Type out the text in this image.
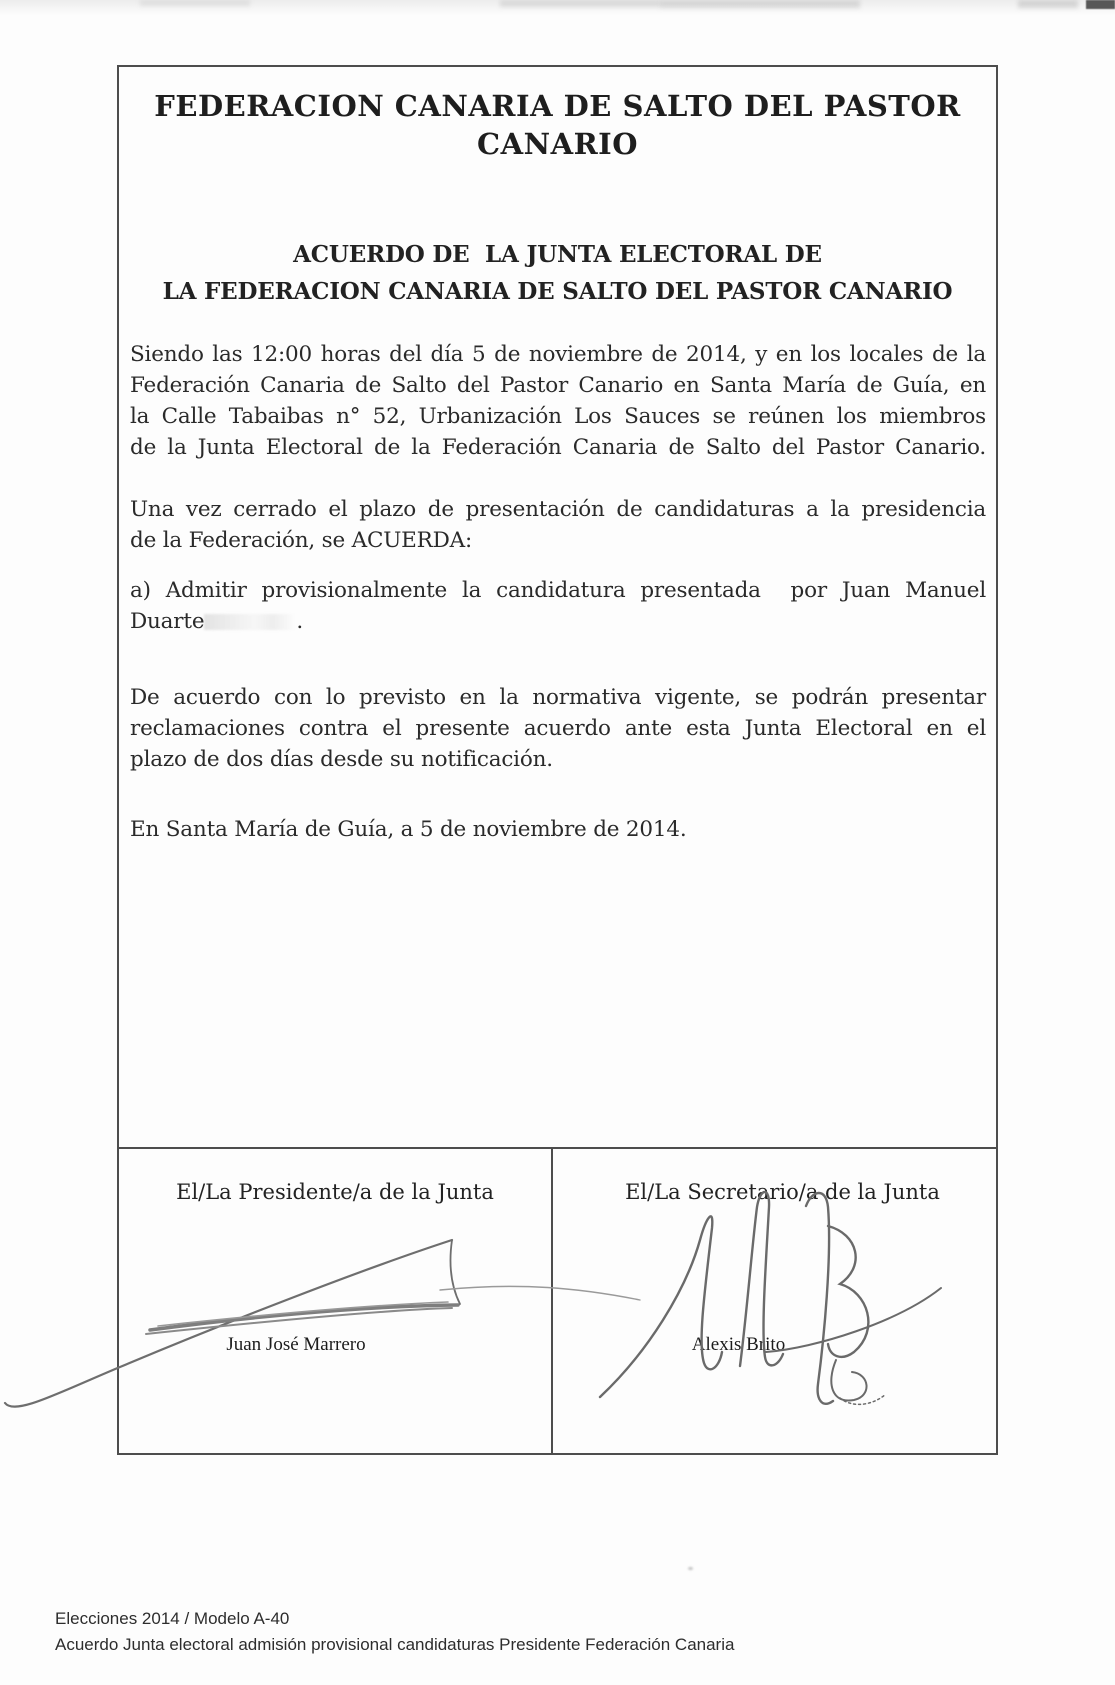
FEDERACION CANARIA DE SALTO DEL PASTOR
CANARIO
ACUERDO DE  LA JUNTA ELECTORAL DE
LA FEDERACION CANARIA DE SALTO DEL PASTOR CANARIO
Siendo las 12:00 horas del día 5 de noviembre de 2014, y en los locales de la
Federación Canaria de Salto del Pastor Canario en Santa María de Guía, en
la Calle Tabaibas n° 52, Urbanización Los Sauces se reúnen los miembros
de la Junta Electoral de la Federación Canaria de Salto del Pastor Canario.
Una vez cerrado el plazo de presentación de candidaturas a la presidencia
de la Federación, se ACUERDA:
a) Admitir provisionalmente la candidatura presentada  por Juan Manuel
Duarte	.
De acuerdo con lo previsto en la normativa vigente, se podrán presentar
reclamaciones contra el presente acuerdo ante esta Junta Electoral en el
plazo de dos días desde su notificación.
En Santa María de Guía, a 5 de noviembre de 2014.
El/La Presidente/a de la Junta	El/La Secretario/a de la Junta
Juan José Marrero	Alexis Brito
Elecciones 2014 / Modelo A-40
Acuerdo Junta electoral admisión provisional candidaturas Presidente Federación Canaria
